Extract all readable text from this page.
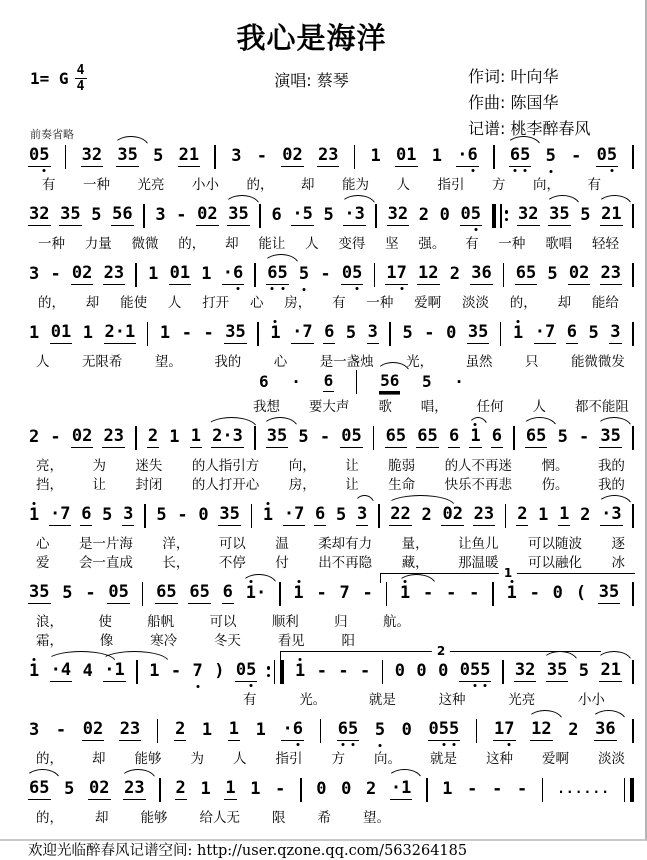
我心是海洋
1= G $\frac{4}{4}$	演唱: 蔡琴	作词: 叶向华
作曲: 陈国华
记谱: 桃李醉春风
前奏省略
05 32 35 5 21 3 - 02 23 1 01 1 ·6 65 5 - 05
有 一种 光亮 小小 的， 却 能为 人 指引 方 向， 有
32 35 5 56 3 - 02 35 6 ·5 5 ·3 32 2 0 05 32 35 5 21
一种 力量 微微 的， 却 能让 人 变得 坚 强。 有 一种 歌唱 轻轻
3 - 02 23 1 01 1 ·6 65 5 - 05 17 12 2 36 65 5 02 23
的， 却 能使 人 打开 心 房， 有 一种 爱啊 淡淡 的， 却 能给
1 01 1 2·1 1 - - 35 1 ·7 6 5 3 5 - 0 35 1 ·7 6 5 3
人 无限希 望。 我的 心 是一盏烛 光， 虽然 只 能微微发
6 · 6	56 5 ·
我想 要大声 歌 唱， 任何 人 都不能阻
2 - 02 23 2 1 1 2·3 35 5 - 05 65 65 6 1 6 65 5 - 35
亮， 为 迷失 的人指引方 向， 让 脆弱 的人不再迷 惘。 我的
挡， 让 封闭 的人打开心 房， 让 生命 快乐不再悲 伤。 我的
1 ·7 6 5 3 5 - 0 35 1 ·7 6 5 3 22 2 02 23 2 1 1 2 ·3
心 是一片海 洋， 可以 温 柔却有力 量， 让鱼儿 可以随波 逐
爱 会一直成 长， 不停 付 出不再隐 藏， 那温暖 可以融化 冰
1
35 5 - 05 65 65 6 1· 1 - 7 - 1 - - - 1 - 0 ( 35
浪，	使	船帆	可以	顺利	归	航。
霜，	像	寒冷	冬天	看见	阳
2
1 ·4 4 ·1 1 - 7 ) 05 1 - - - 0 0 0 055 32 35 5 21
有	光。	就是	这种	光亮	小小
3 - 02 23 2 1 1 1 ·6 65 5 0 055 17 12 2 36
的， 却 能够 为 人 指引 方 向。 就是 这种 爱啊 淡淡
65 5 02 23 2 1 1 1 - 0 0 2 ·1 1 - - - ......
的， 却 能够 给人无 限 希 望。
欢迎光临醉春风记谱空间: http://user.qzone.qq.com/563264185
